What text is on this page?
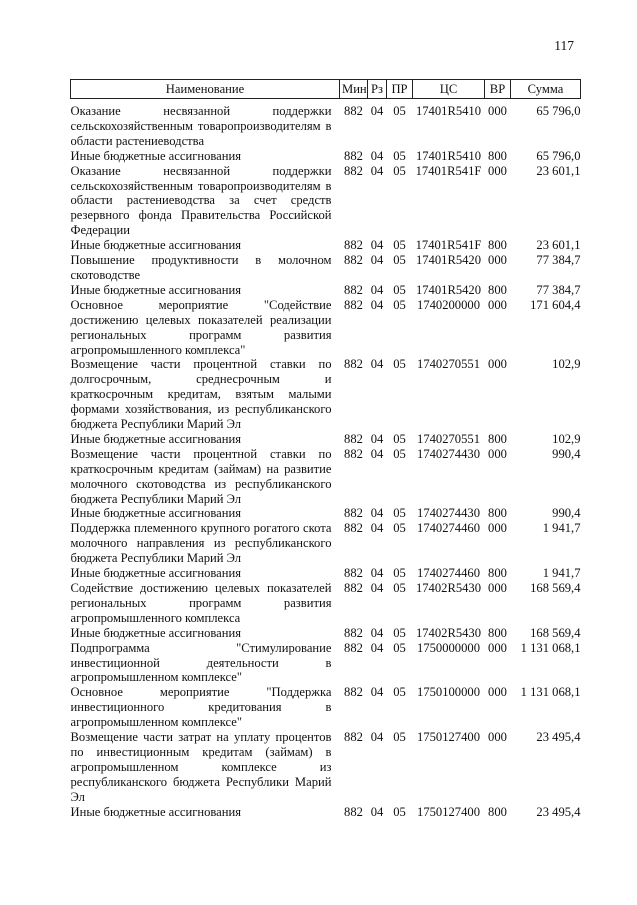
117
Наименование	Мин	Рз	ПР	ЦС	ВР	Сумма
Оказание несвязанной поддержки сельскохозяйственным товаропроизводителям в области растениеводства	882	04	05	17401R5410	000	65 796,0
Иные бюджетные ассигнования	882	04	05	17401R5410	800	65 796,0
Оказание несвязанной поддержки сельскохозяйственным товаропроизводителям в области растениеводства за счет средств резервного фонда Правительства Российской Федерации	882	04	05	17401R541F	000	23 601,1
Иные бюджетные ассигнования	882	04	05	17401R541F	800	23 601,1
Повышение продуктивности в молочном скотоводстве	882	04	05	17401R5420	000	77 384,7
Иные бюджетные ассигнования	882	04	05	17401R5420	800	77 384,7
Основное мероприятие "Содействие достижению целевых показателей реализации региональных программ развития агропромышленного комплекса"	882	04	05	1740200000	000	171 604,4
Возмещение части процентной ставки по долгосрочным, среднесрочным и краткосрочным кредитам, взятым малыми формами хозяйствования, из республиканского бюджета Республики Марий Эл	882	04	05	1740270551	000	102,9
Иные бюджетные ассигнования	882	04	05	1740270551	800	102,9
Возмещение части процентной ставки по краткосрочным кредитам (займам) на развитие молочного скотоводства из республиканского бюджета Республики Марий Эл	882	04	05	1740274430	000	990,4
Иные бюджетные ассигнования	882	04	05	1740274430	800	990,4
Поддержка племенного крупного рогатого скота молочного направления из республиканского бюджета Республики Марий Эл	882	04	05	1740274460	000	1 941,7
Иные бюджетные ассигнования	882	04	05	1740274460	800	1 941,7
Содействие достижению целевых показателей региональных программ развития агропромышленного комплекса	882	04	05	17402R5430	000	168 569,4
Иные бюджетные ассигнования	882	04	05	17402R5430	800	168 569,4
Подпрограмма "Стимулирование инвестиционной деятельности в агропромышленном комплексе"	882	04	05	1750000000	000	1 131 068,1
Основное мероприятие "Поддержка инвестиционного кредитования в агропромышленном комплексе"	882	04	05	1750100000	000	1 131 068,1
Возмещение части затрат на уплату процентов по инвестиционным кредитам (займам) в агропромышленном комплексе из республиканского бюджета Республики Марий Эл	882	04	05	1750127400	000	23 495,4
Иные бюджетные ассигнования	882	04	05	1750127400	800	23 495,4
